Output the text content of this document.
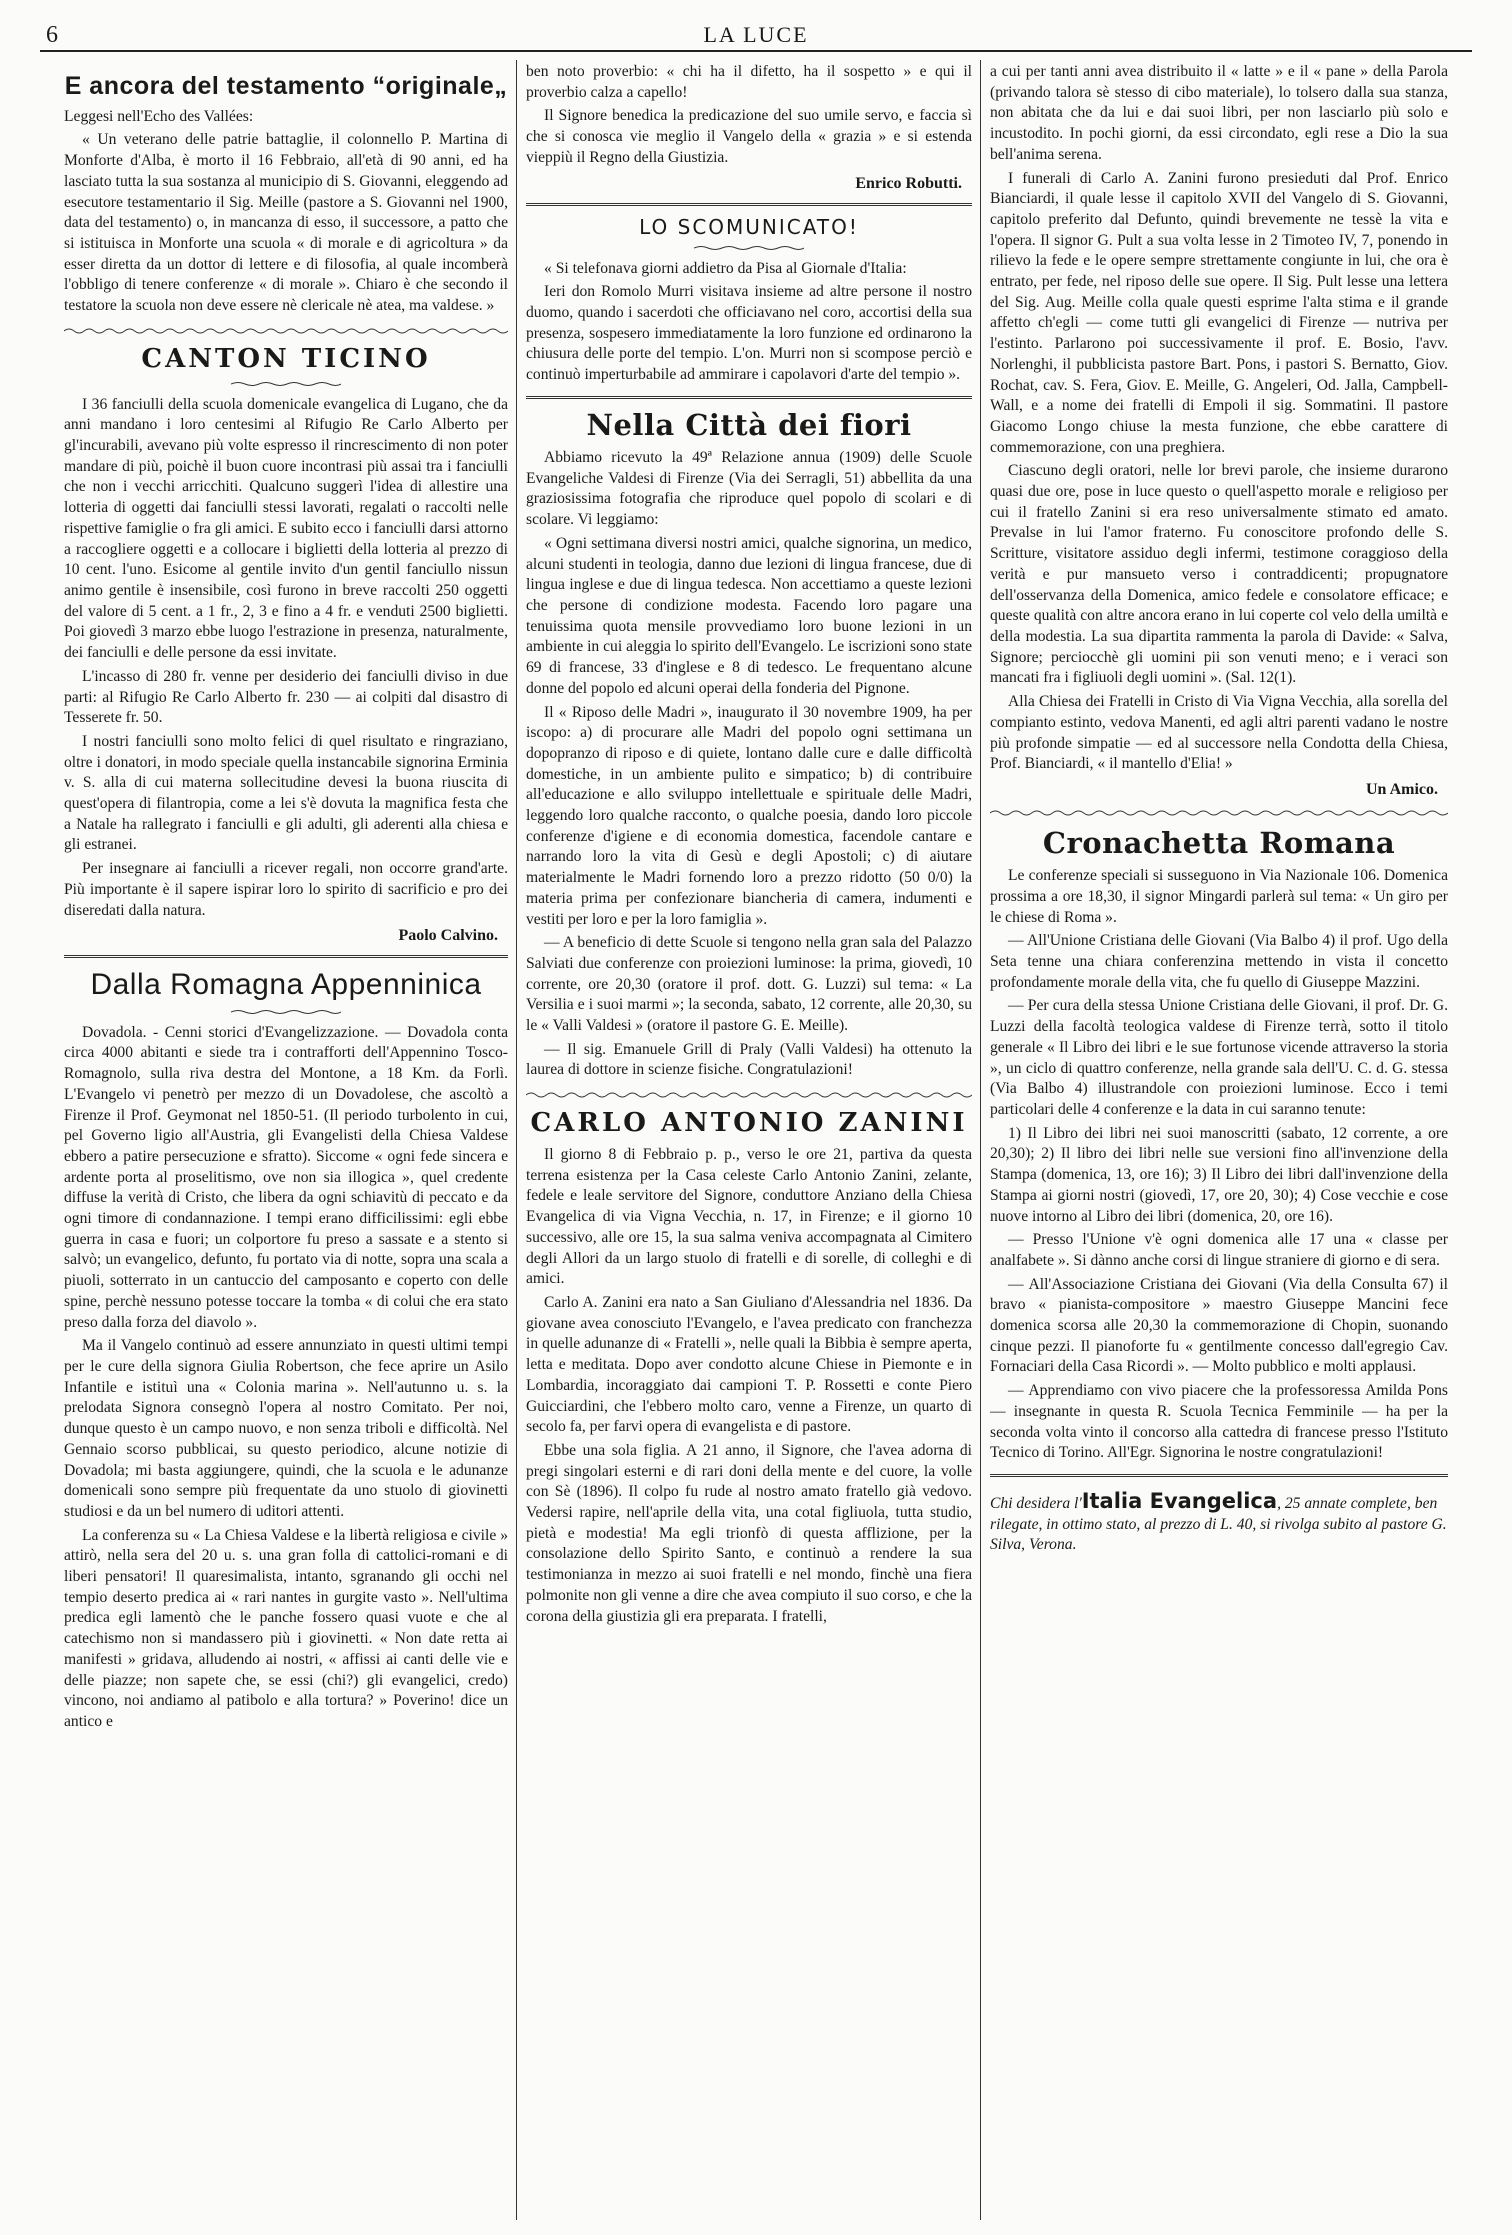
6	LA LUCE
E ancora del testamento “originale„

Leggesi nell'Echo des Vallées:

« Un veterano delle patrie battaglie, il colonnello P. Martina di Monforte d'Alba, è morto il 16 Febbraio, all'età di 90 anni, ed ha lasciato tutta la sua sostanza al municipio di S. Giovanni, eleggendo ad esecutore testamentario il Sig. Meille (pastore a S. Giovanni nel 1900, data del testamento) o, in mancanza di esso, il successore, a patto che si istituisca in Monforte una scuola « di morale e di agricoltura » da esser diretta da un dottor di lettere e di filosofia, al quale incomberà l'obbligo di tenere conferenze « di morale ». Chiaro è che secondo il testatore la scuola non deve essere nè clericale nè atea, ma valdese. »

CANTON TICINO

I 36 fanciulli della scuola domenicale evangelica di Lugano, che da anni mandano i loro centesimi al Rifugio Re Carlo Alberto per gl'incurabili, avevano più volte espresso il rincrescimento di non poter mandare di più, poichè il buon cuore incontrasi più assai tra i fanciulli che non i vecchi arricchiti. Qualcuno suggerì l'idea di allestire una lotteria di oggetti dai fanciulli stessi lavorati, regalati o raccolti nelle rispettive famiglie o fra gli amici. E subito ecco i fanciulli darsi attorno a raccogliere oggetti e a collocare i biglietti della lotteria al prezzo di 10 cent. l'uno. Esicome al gentile invito d'un gentil fanciullo nissun animo gentile è insensibile, così furono in breve raccolti 250 oggetti del valore di 5 cent. a 1 fr., 2, 3 e fino a 4 fr. e venduti 2500 biglietti. Poi giovedì 3 marzo ebbe luogo l'estrazione in presenza, naturalmente, dei fanciulli e delle persone da essi invitate.

L'incasso di 280 fr. venne per desiderio dei fanciulli diviso in due parti: al Rifugio Re Carlo Alberto fr. 230 — ai colpiti dal disastro di Tesserete fr. 50.

I nostri fanciulli sono molto felici di quel risultato e ringraziano, oltre i donatori, in modo speciale quella instancabile signorina Erminia v. S. alla di cui materna sollecitudine devesi la buona riuscita di quest'opera di filantropia, come a lei s'è dovuta la magnifica festa che a Natale ha rallegrato i fanciulli e gli adulti, gli aderenti alla chiesa e gli estranei.

Per insegnare ai fanciulli a ricever regali, non occorre grand'arte. Più importante è il sapere ispirar loro lo spirito di sacrificio e pro dei diseredati dalla natura.

Paolo Calvino.
Dalla Romagna Appenninica

Dovadola. - Cenni storici d'Evangelizzazione. — Dovadola conta circa 4000 abitanti e siede tra i contrafforti dell'Appennino Tosco-Romagnolo, sulla riva destra del Montone, a 18 Km. da Forlì. L'Evangelo vi penetrò per mezzo di un Dovadolese, che ascoltò a Firenze il Prof. Geymonat nel 1850-51. (Il periodo turbolento in cui, pel Governo ligio all'Austria, gli Evangelisti della Chiesa Valdese ebbero a patire persecuzione e sfratto). Siccome « ogni fede sincera e ardente porta al proselitismo, ove non sia illogica », quel credente diffuse la verità di Cristo, che libera da ogni schiavitù di peccato e da ogni timore di condannazione. I tempi erano difficilissimi: egli ebbe guerra in casa e fuori; un colportore fu preso a sassate e a stento si salvò; un evangelico, defunto, fu portato via di notte, sopra una scala a piuoli, sotterrato in un cantuccio del camposanto e coperto con delle spine, perchè nessuno potesse toccare la tomba « di colui che era stato preso dalla forza del diavolo ».

Ma il Vangelo continuò ad essere annunziato in questi ultimi tempi per le cure della signora Giulia Robertson, che fece aprire un Asilo Infantile e istituì una « Colonia marina ». Nell'autunno u. s. la prelodata Signora consegnò l'opera al nostro Comitato. Per noi, dunque questo è un campo nuovo, e non senza triboli e difficoltà. Nel Gennaio scorso pubblicai, su questo periodico, alcune notizie di Dovadola; mi basta aggiungere, quindi, che la scuola e le adunanze domenicali sono sempre più frequentate da uno stuolo di giovinetti studiosi e da un bel numero di uditori attenti.

La conferenza su « La Chiesa Valdese e la libertà religiosa e civile » attirò, nella sera del 20 u. s. una gran folla di cattolici-romani e di liberi pensatori! Il quaresimalista, intanto, sgranando gli occhi nel tempio deserto predica ai « rari nantes in gurgite vasto ». Nell'ultima predica egli lamentò che le panche fossero quasi vuote e che al catechismo non si mandassero più i giovinetti. « Non date retta ai manifesti » gridava, alludendo ai nostri, « affissi ai canti delle vie e delle piazze; non sapete che, se essi (chi?) gli evangelici, credo) vincono, noi andiamo al patibolo e alla tortura? » Poverino! dice un antico e

ben noto proverbio: « chi ha il difetto, ha il sospetto » e qui il proverbio calza a capello!

Il Signore benedica la predicazione del suo umile servo, e faccia sì che si conosca vie meglio il Vangelo della « grazia » e si estenda vieppiù il Regno della Giustizia.

Enrico Robutti.
LO SCOMUNICATO!

« Si telefonava giorni addietro da Pisa al Giornale d'Italia:

Ieri don Romolo Murri visitava insieme ad altre persone il nostro duomo, quando i sacerdoti che officiavano nel coro, accortisi della sua presenza, sospesero immediatamente la loro funzione ed ordinarono la chiusura delle porte del tempio. L'on. Murri non si scompose perciò e continuò imperturbabile ad ammirare i capolavori d'arte del tempio ».

Nella Città dei fiori

Abbiamo ricevuto la 49ª Relazione annua (1909) delle Scuole Evangeliche Valdesi di Firenze (Via dei Serragli, 51) abbellita da una graziosissima fotografia che riproduce quel popolo di scolari e di scolare. Vi leggiamo:

« Ogni settimana diversi nostri amici, qualche signorina, un medico, alcuni studenti in teologia, danno due lezioni di lingua francese, due di lingua inglese e due di lingua tedesca. Non accettiamo a queste lezioni che persone di condizione modesta. Facendo loro pagare una tenuissima quota mensile provvediamo loro buone lezioni in un ambiente in cui aleggia lo spirito dell'Evangelo. Le iscrizioni sono state 69 di francese, 33 d'inglese e 8 di tedesco. Le frequentano alcune donne del popolo ed alcuni operai della fonderia del Pignone.

Il « Riposo delle Madri », inaugurato il 30 novembre 1909, ha per iscopo: a) di procurare alle Madri del popolo ogni settimana un dopopranzo di riposo e di quiete, lontano dalle cure e dalle difficoltà domestiche, in un ambiente pulito e simpatico; b) di contribuire all'educazione e allo sviluppo intellettuale e spirituale delle Madri, leggendo loro qualche racconto, o qualche poesia, dando loro piccole conferenze d'igiene e di economia domestica, facendole cantare e narrando loro la vita di Gesù e degli Apostoli; c) di aiutare materialmente le Madri fornendo loro a prezzo ridotto (50 0/0) la materia prima per confezionare biancheria di camera, indumenti e vestiti per loro e per la loro famiglia ».

— A beneficio di dette Scuole si tengono nella gran sala del Palazzo Salviati due conferenze con proiezioni luminose: la prima, giovedì, 10 corrente, ore 20,30 (oratore il prof. dott. G. Luzzi) sul tema: « La Versilia e i suoi marmi »; la seconda, sabato, 12 corrente, alle 20,30, su le « Valli Valdesi » (oratore il pastore G. E. Meille).

— Il sig. Emanuele Grill di Praly (Valli Valdesi) ha ottenuto la laurea di dottore in scienze fisiche. Congratulazioni!

CARLO ANTONIO ZANINI

Il giorno 8 di Febbraio p. p., verso le ore 21, partiva da questa terrena esistenza per la Casa celeste Carlo Antonio Zanini, zelante, fedele e leale servitore del Signore, conduttore Anziano della Chiesa Evangelica di via Vigna Vecchia, n. 17, in Firenze; e il giorno 10 successivo, alle ore 15, la sua salma veniva accompagnata al Cimitero degli Allori da un largo stuolo di fratelli e di sorelle, di colleghi e di amici.

Carlo A. Zanini era nato a San Giuliano d'Alessandria nel 1836. Da giovane avea conosciuto l'Evangelo, e l'avea predicato con franchezza in quelle adunanze di « Fratelli », nelle quali la Bibbia è sempre aperta, letta e meditata. Dopo aver condotto alcune Chiese in Piemonte e in Lombardia, incoraggiato dai campioni T. P. Rossetti e conte Piero Guicciardini, che l'ebbero molto caro, venne a Firenze, un quarto di secolo fa, per farvi opera di evangelista e di pastore.

Ebbe una sola figlia. A 21 anno, il Signore, che l'avea adorna di pregi singolari esterni e di rari doni della mente e del cuore, la volle con Sè (1896). Il colpo fu rude al nostro amato fratello già vedovo. Vedersi rapire, nell'aprile della vita, una cotal figliuola, tutta studio, pietà e modestia! Ma egli trionfò di questa afflizione, per la consolazione dello Spirito Santo, e continuò a rendere la sua testimonianza in mezzo ai suoi fratelli e nel mondo, finchè una fiera polmonite non gli venne a dire che avea compiuto il suo corso, e che la corona della giustizia gli era preparata. I fratelli,

a cui per tanti anni avea distribuito il « latte » e il « pane » della Parola (privando talora sè stesso di cibo materiale), lo tolsero dalla sua stanza, non abitata che da lui e dai suoi libri, per non lasciarlo più solo e incustodito. In pochi giorni, da essi circondato, egli rese a Dio la sua bell'anima serena.

I funerali di Carlo A. Zanini furono presieduti dal Prof. Enrico Bianciardi, il quale lesse il capitolo XVII del Vangelo di S. Giovanni, capitolo preferito dal Defunto, quindi brevemente ne tessè la vita e l'opera. Il signor G. Pult a sua volta lesse in 2 Timoteo IV, 7, ponendo in rilievo la fede e le opere sempre strettamente congiunte in lui, che ora è entrato, per fede, nel riposo delle sue opere. Il Sig. Pult lesse una lettera del Sig. Aug. Meille colla quale questi esprime l'alta stima e il grande affetto ch'egli — come tutti gli evangelici di Firenze — nutriva per l'estinto. Parlarono poi successivamente il prof. E. Bosio, l'avv. Norlenghi, il pubblicista pastore Bart. Pons, i pastori S. Bernatto, Giov. Rochat, cav. S. Fera, Giov. E. Meille, G. Angeleri, Od. Jalla, Campbell-Wall, e a nome dei fratelli di Empoli il sig. Sommatini. Il pastore Giacomo Longo chiuse la mesta funzione, che ebbe carattere di commemorazione, con una preghiera.

Ciascuno degli oratori, nelle lor brevi parole, che insieme durarono quasi due ore, pose in luce questo o quell'aspetto morale e religioso per cui il fratello Zanini si era reso universalmente stimato ed amato. Prevalse in lui l'amor fraterno. Fu conoscitore profondo delle S. Scritture, visitatore assiduo degli infermi, testimone coraggioso della verità e pur mansueto verso i contraddicenti; propugnatore dell'osservanza della Domenica, amico fedele e consolatore efficace; e queste qualità con altre ancora erano in lui coperte col velo della umiltà e della modestia. La sua dipartita rammenta la parola di Davide: « Salva, Signore; perciocchè gli uomini pii son venuti meno; e i veraci son mancati fra i figliuoli degli uomini ». (Sal. 12(1).

Alla Chiesa dei Fratelli in Cristo di Via Vigna Vecchia, alla sorella del compianto estinto, vedova Manenti, ed agli altri parenti vadano le nostre più profonde simpatie — ed al successore nella Condotta della Chiesa, Prof. Bianciardi, « il mantello d'Elia! »

Un Amico.
Cronachetta Romana

Le conferenze speciali si susseguono in Via Nazionale 106. Domenica prossima a ore 18,30, il signor Mingardi parlerà sul tema: « Un giro per le chiese di Roma ».

— All'Unione Cristiana delle Giovani (Via Balbo 4) il prof. Ugo della Seta tenne una chiara conferenzina mettendo in vista il concetto profondamente morale della vita, che fu quello di Giuseppe Mazzini.

— Per cura della stessa Unione Cristiana delle Giovani, il prof. Dr. G. Luzzi della facoltà teologica valdese di Firenze terrà, sotto il titolo generale « Il Libro dei libri e le sue fortunose vicende attraverso la storia », un ciclo di quattro conferenze, nella grande sala dell'U. C. d. G. stessa (Via Balbo 4) illustrandole con proiezioni luminose. Ecco i temi particolari delle 4 conferenze e la data in cui saranno tenute:

1) Il Libro dei libri nei suoi manoscritti (sabato, 12 corrente, a ore 20,30); 2) Il libro dei libri nelle sue versioni fino all'invenzione della Stampa (domenica, 13, ore 16); 3) Il Libro dei libri dall'invenzione della Stampa ai giorni nostri (giovedì, 17, ore 20, 30); 4) Cose vecchie e cose nuove intorno al Libro dei libri (domenica, 20, ore 16).

— Presso l'Unione v'è ogni domenica alle 17 una « classe per analfabete ». Si dànno anche corsi di lingue straniere di giorno e di sera.

— All'Associazione Cristiana dei Giovani (Via della Consulta 67) il bravo « pianista-compositore » maestro Giuseppe Mancini fece domenica scorsa alle 20,30 la commemorazione di Chopin, suonando cinque pezzi. Il pianoforte fu « gentilmente concesso dall'egregio Cav. Fornaciari della Casa Ricordi ». — Molto pubblico e molti applausi.

— Apprendiamo con vivo piacere che la professoressa Amilda Pons — insegnante in questa R. Scuola Tecnica Femminile — ha per la seconda volta vinto il concorso alla cattedra di francese presso l'Istituto Tecnico di Torino. All'Egr. Signorina le nostre congratulazioni!

Chi desidera l'Italia Evangelica, 25 annate complete, ben rilegate, in ottimo stato, al prezzo di L. 40, si rivolga subito al pastore G. Silva, Verona.
